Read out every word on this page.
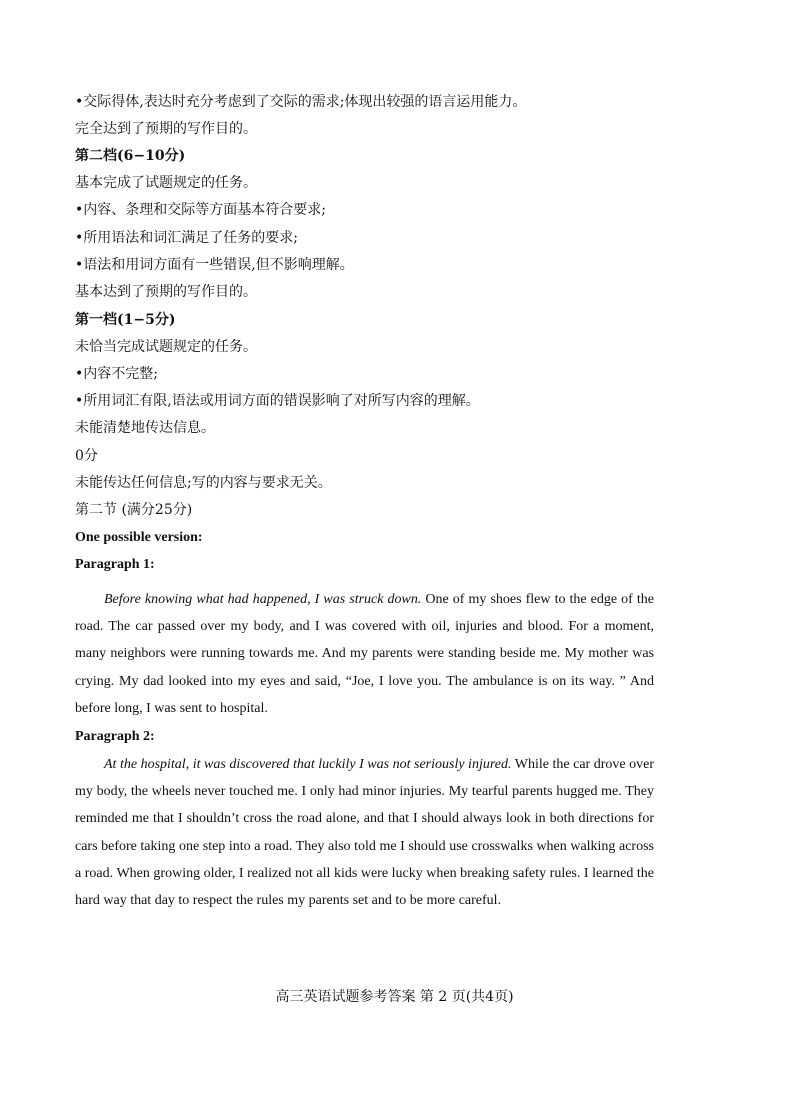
•交际得体,表达时充分考虑到了交际的需求;体现出较强的语言运用能力。
完全达到了预期的写作目的。
第二档(6−10分)
基本完成了试题规定的任务。
•内容、条理和交际等方面基本符合要求;
•所用语法和词汇满足了任务的要求;
•语法和用词方面有一些错误,但不影响理解。
基本达到了预期的写作目的。
第一档(1−5分)
未恰当完成试题规定的任务。
•内容不完整;
•所用词汇有限,语法或用词方面的错误影响了对所写内容的理解。
未能清楚地传达信息。
0分
未能传达任何信息;写的内容与要求无关。
第二节 (满分25分)
One possible version:
Paragraph 1:
Before knowing what had happened, I was struck down. One of my shoes flew to the edge of the road. The car passed over my body, and I was covered with oil, injuries and blood. For a moment, many neighbors were running towards me. And my parents were standing beside me. My mother was crying. My dad looked into my eyes and said, “Joe, I love you. The ambulance is on its way. ” And before long, I was sent to hospital.
Paragraph 2:
At the hospital, it was discovered that luckily I was not seriously injured. While the car drove over my body, the wheels never touched me. I only had minor injuries. My tearful parents hugged me. They reminded me that I shouldn’t cross the road alone, and that I should always look in both directions for cars before taking one step into a road. They also told me I should use crosswalks when walking across a road. When growing older, I realized not all kids were lucky when breaking safety rules. I learned the hard way that day to respect the rules my parents set and to be more careful.
高三英语试题参考答案 第 2 页(共4页)
